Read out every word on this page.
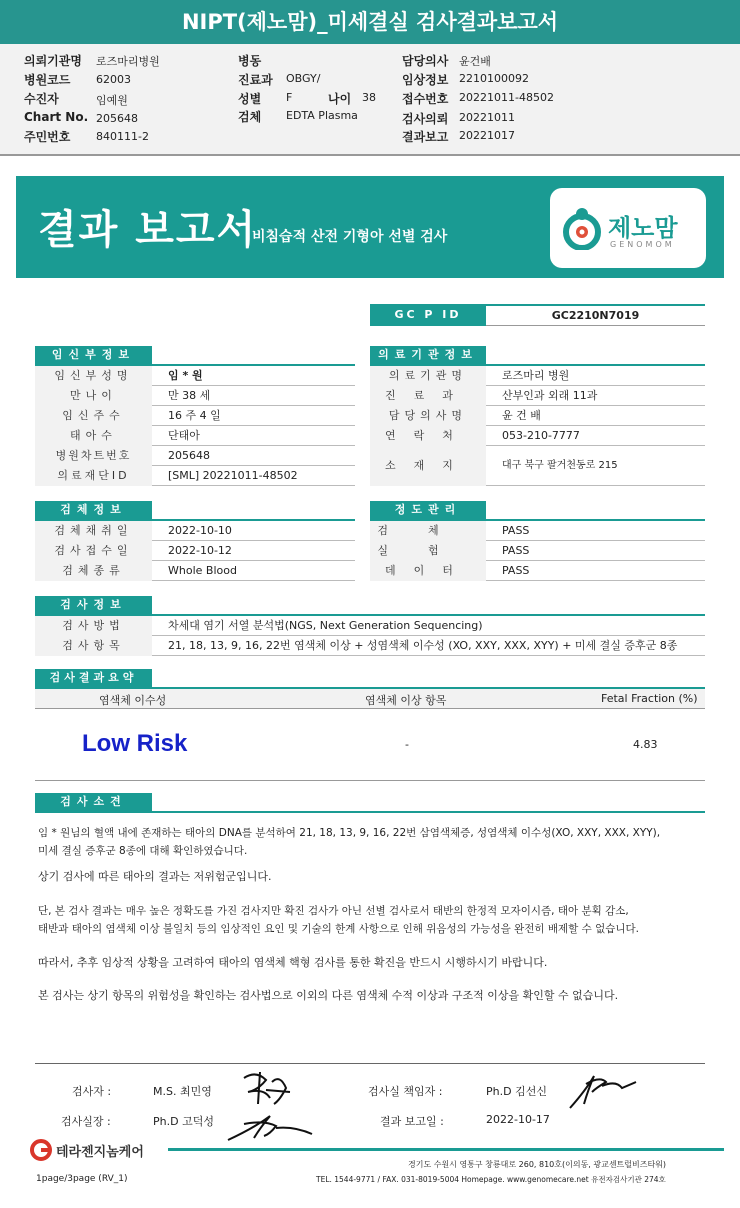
NIPT(제노맘)_미세결실 검사결과보고서
의뢰기관명 로즈마리병원
병원코드 62003
수진자	임예원
Chart No. 205648
주민번호 840111-2
병동
진료과 OBGY/
성별 F	나이 38
검체 EDTA Plasma
담당의사 윤건배
임상정보 2210100092
접수번호 20221011-48502
검사의뢰 20221011
결과보고 20221017
결과 보고서
비침습적 산전 기형아 선별 검사	제노맘
GENOMOM
GC P ID	GC2210N7019
임신부정보
임신부성명	임 * 원
만나이	만 38 세
임신주수	16 주 4 일
태아수	단태아
병원차트번호	205648
의료재단ID	[SML] 20221011-48502
의료기관정보
의료기관명	로즈마리 병원
진료과	산부인과 외래 11과
담당의사명	윤 건 배
연락처	053-210-7777
소재지	대구 북구 팔거천동로 215
검체정보
검체채취일	2022-10-10
검사접수일	2022-10-12
검체종류	Whole Blood
정도관리
검체	PASS
실험	PASS
데이터	PASS
검사정보
검사방법	차세대 염기 서열 분석법(NGS, Next Generation Sequencing)
검사항목	21, 18, 13, 9, 16, 22번 염색체 이상 + 성염색체 이수성 (XO, XXY, XXX, XYY) + 미세 결실 증후군 8종
검사결과요약
염색체 이수성	염색체 이상 항목	Fetal Fraction (%)
Low Risk	-	4.83
검사소견
임 * 원님의 혈액 내에 존재하는 태아의 DNA를 분석하여 21, 18, 13, 9, 16, 22번 삼염색체증, 성염색체 이수성(XO, XXY, XXX, XYY),
미세 결실 증후군 8종에 대해 확인하였습니다.
상기 검사에 따른 태아의 결과는 저위험군입니다.
단, 본 검사 결과는 매우 높은 정확도를 가진 검사지만 확진 검사가 아닌 선별 검사로서 태반의 한정적 모자이시즘, 태아 분획 감소,
태반과 태아의 염색체 이상 불일치 등의 임상적인 요인 및 기술의 한계 사항으로 인해 위음성의 가능성을 완전히 배제할 수 없습니다.
따라서, 추후 임상적 상황을 고려하여 태아의 염색체 핵형 검사를 통한 확진을 반드시 시행하시기 바랍니다.
본 검사는 상기 항목의 위험성을 확인하는 검사법으로 이외의 다른 염색체 수적 이상과 구조적 이상을 확인할 수 없습니다.
검사자 :	M.S. 최민영	검사실 책임자 :	Ph.D 김선신
검사실장 :	Ph.D 고덕성	결과 보고일 :	2022-10-17
테라젠지놈케어
경기도 수원시 영통구 창룡대로 260, 810호(이의동, 광교센트럴비즈타워)
TEL. 1544-9771 / FAX. 031-8019-5004 Homepage. www.genomecare.net 유전자검사기관 274호
1page/3page (RV_1)
